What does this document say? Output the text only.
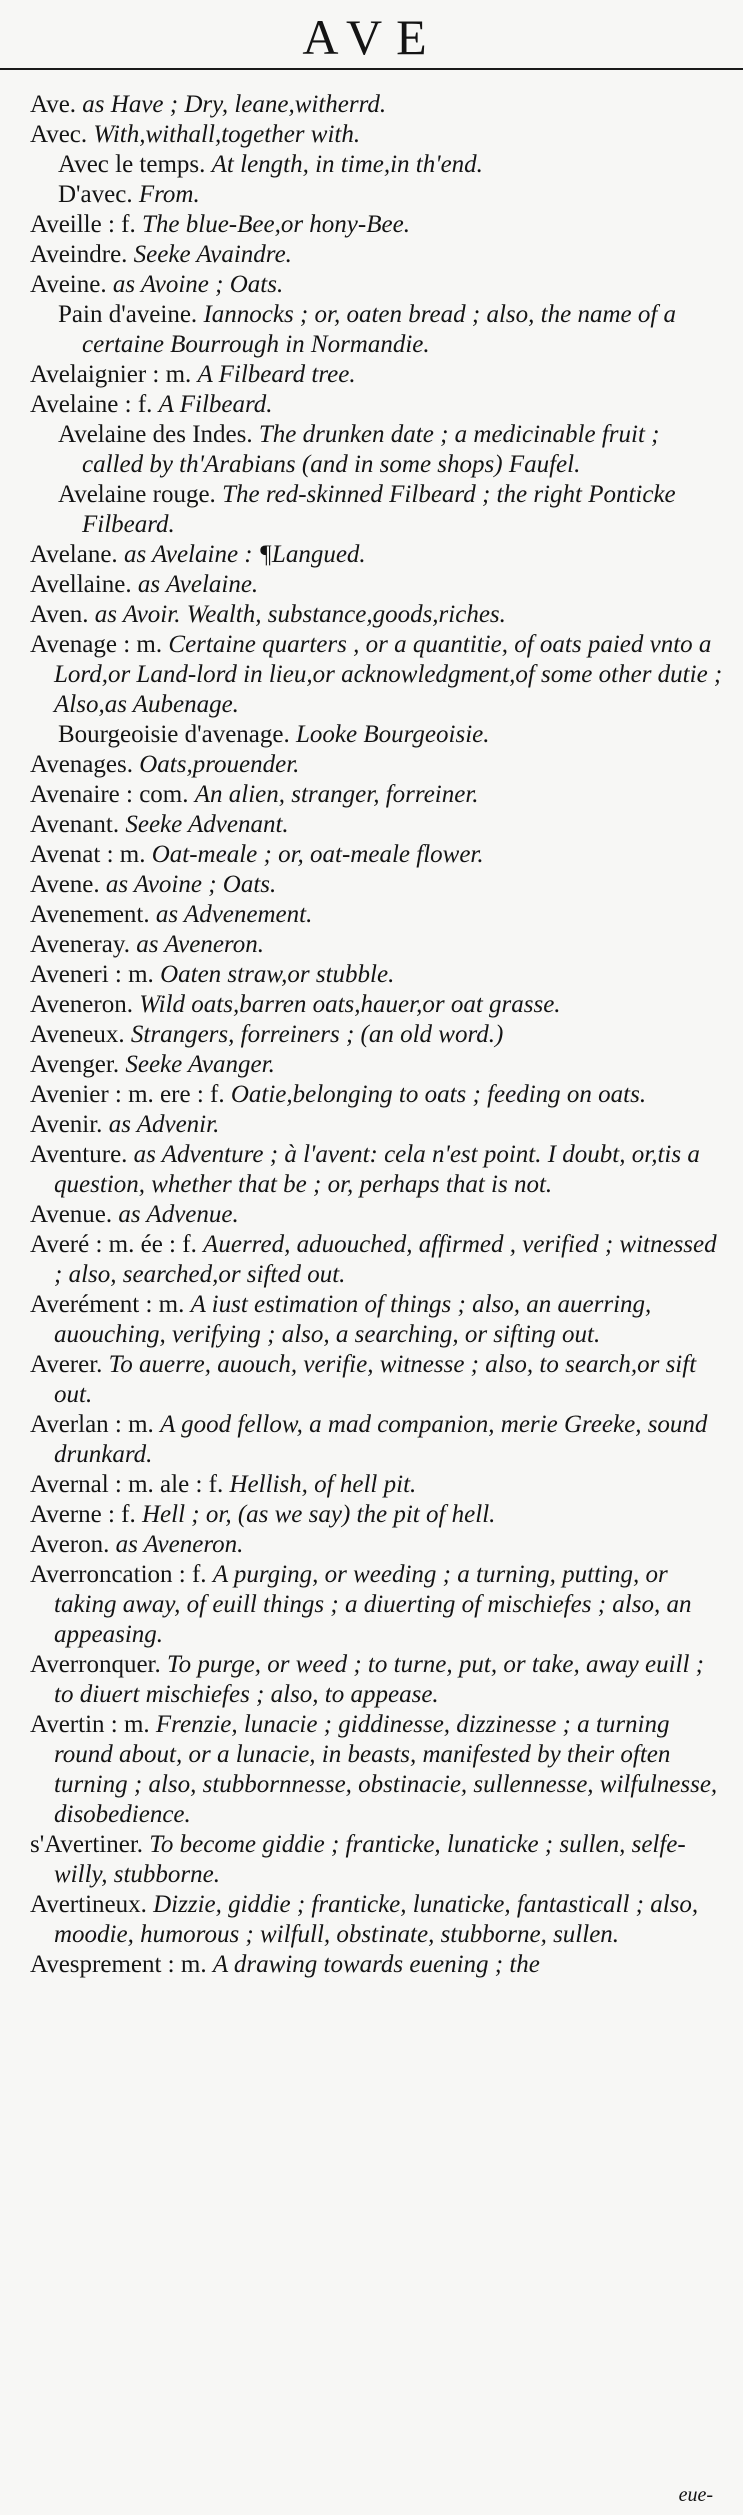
AVE

Ave. as Have ; Dry, leane,witherrd.

Avec. With,withall,together with.

Avec le temps. At length, in time,in th'end.

D'avec. From.

Aveille : f. The blue-Bee,or hony-Bee.

Aveindre. Seeke Avaindre.

Aveine. as Avoine ; Oats.

Pain d'aveine. Iannocks ; or, oaten bread ; also, the name of a certaine Bourrough in Normandie.

Avelaignier : m. A Filbeard tree.

Avelaine : f. A Filbeard.

Avelaine des Indes. The drunken date ; a medicinable fruit ; called by th'Arabians (and in some shops) Faufel.

Avelaine rouge. The red-skinned Filbeard ; the right Ponticke Filbeard.

Avelane. as Avelaine : ¶Langued.

Avellaine. as Avelaine.

Aven. as Avoir. Wealth, substance,goods,riches.

Avenage : m. Certaine quarters , or a quantitie, of oats paied vnto a Lord,or Land-lord in lieu,or acknowledgment,of some other dutie ; Also,as Aubenage.

Bourgeoisie d'avenage. Looke Bourgeoisie.

Avenages. Oats,prouender.

Avenaire : com. An alien, stranger, forreiner.

Avenant. Seeke Advenant.

Avenat : m. Oat-meale ; or, oat-meale flower.

Avene. as Avoine ; Oats.

Avenement. as Advenement.

Aveneray. as Aveneron.

Aveneri : m. Oaten straw,or stubble.

Aveneron. Wild oats,barren oats,hauer,or oat grasse.

Aveneux. Strangers, forreiners ; (an old word.)

Avenger. Seeke Avanger.

Avenier : m. ere : f. Oatie,belonging to oats ; feeding on oats.

Avenir. as Advenir.

Aventure. as Adventure ; à l'avent: cela n'est point. I doubt, or,tis a question, whether that be ; or, perhaps that is not.

Avenue. as Advenue.

Averé : m. ée : f. Auerred, aduouched, affirmed , verified ; witnessed ; also, searched,or sifted out.

Averément : m. A iust estimation of things ; also, an auerring, auouching, verifying ; also, a searching, or sifting out.

Averer. To auerre, auouch, verifie, witnesse ; also, to search,or sift out.

Averlan : m. A good fellow, a mad companion, merie Greeke, sound drunkard.

Avernal : m. ale : f. Hellish, of hell pit.

Averne : f. Hell ; or, (as we say) the pit of hell.

Averon. as Aveneron.

Averroncation : f. A purging, or weeding ; a turning, putting, or taking away, of euill things ; a diuerting of mischiefes ; also, an appeasing.

Averronquer. To purge, or weed ; to turne, put, or take, away euill ; to diuert mischiefes ; also, to appease.

Avertin : m. Frenzie, lunacie ; giddinesse, dizzinesse ; a turning round about, or a lunacie, in beasts, manifested by their often turning ; also, stubbornnesse, obstinacie, sullennesse, wilfulnesse, disobedience.

s'Avertiner. To become giddie ; franticke, lunaticke ; sullen, selfe-willy, stubborne.

Avertineux. Dizzie, giddie ; franticke, lunaticke, fantasticall ; also, moodie, humorous ; wilfull, obstinate, stubborne, sullen.

Avesprement : m. A drawing towards euening ; the

eue-
